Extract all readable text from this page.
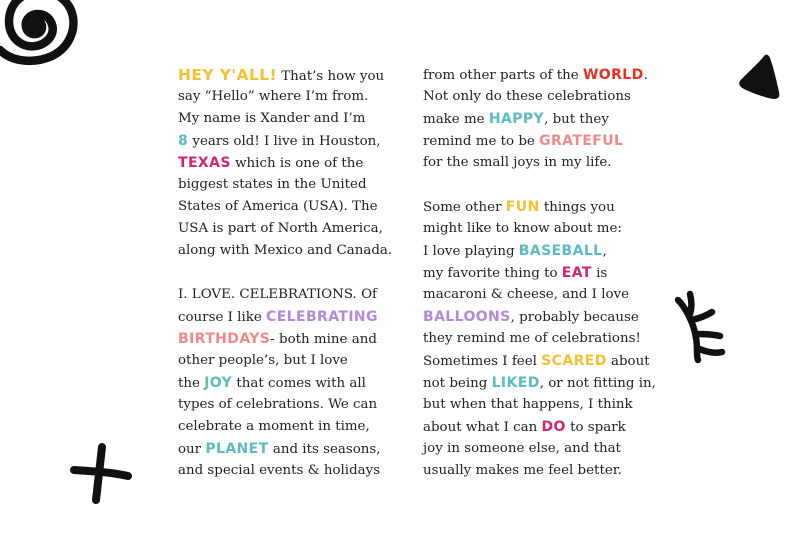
HEY Y'ALL! That’s how you
say “Hello” where I’m from.
My name is Xander and I’m
8 years old! I live in Houston,
TEXAS which is one of the
biggest states in the United
States of America (USA). The
USA is part of North America,
along with Mexico and Canada.

I. LOVE. CELEBRATIONS. Of
course I like CELEBRATING
BIRTHDAYS- both mine and
other people’s, but I love
the JOY that comes with all
types of celebrations. We can
celebrate a moment in time,
our PLANET and its seasons,
and special events & holidays

from other parts of the WORLD.
Not only do these celebrations
make me HAPPY, but they
remind me to be GRATEFUL
for the small joys in my life.

Some other FUN things you
might like to know about me:
I love playing BASEBALL,
my favorite thing to EAT is
macaroni & cheese, and I love
BALLOONS, probably because
they remind me of celebrations!
Sometimes I feel SCARED about
not being LIKED, or not fitting in,
but when that happens, I think
about what I can DO to spark
joy in someone else, and that
usually makes me feel better.
